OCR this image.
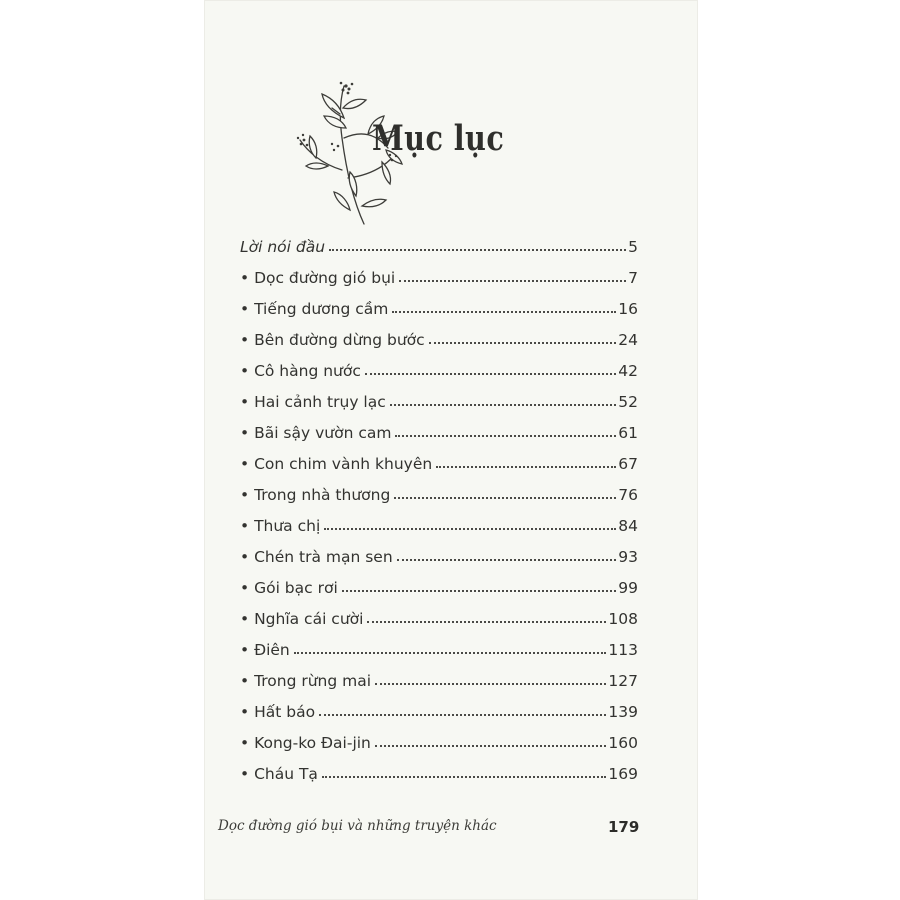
Mục lục
Lời nói đầu	5
• Dọc đường gió bụi	7
• Tiếng dương cầm	16
• Bên đường dừng bước	24
• Cô hàng nước	42
• Hai cảnh trụy lạc	52
• Bãi sậy vườn cam	61
• Con chim vành khuyên	67
• Trong nhà thương	76
• Thưa chị	84
• Chén trà mạn sen	93
• Gói bạc rơi	99
• Nghĩa cái cười	108
• Điên	113
• Trong rừng mai	127
• Hất báo	139
• Kong-ko Đai-jin	160
• Cháu Tạ	169
Dọc đường gió bụi và những truyện khác	179
